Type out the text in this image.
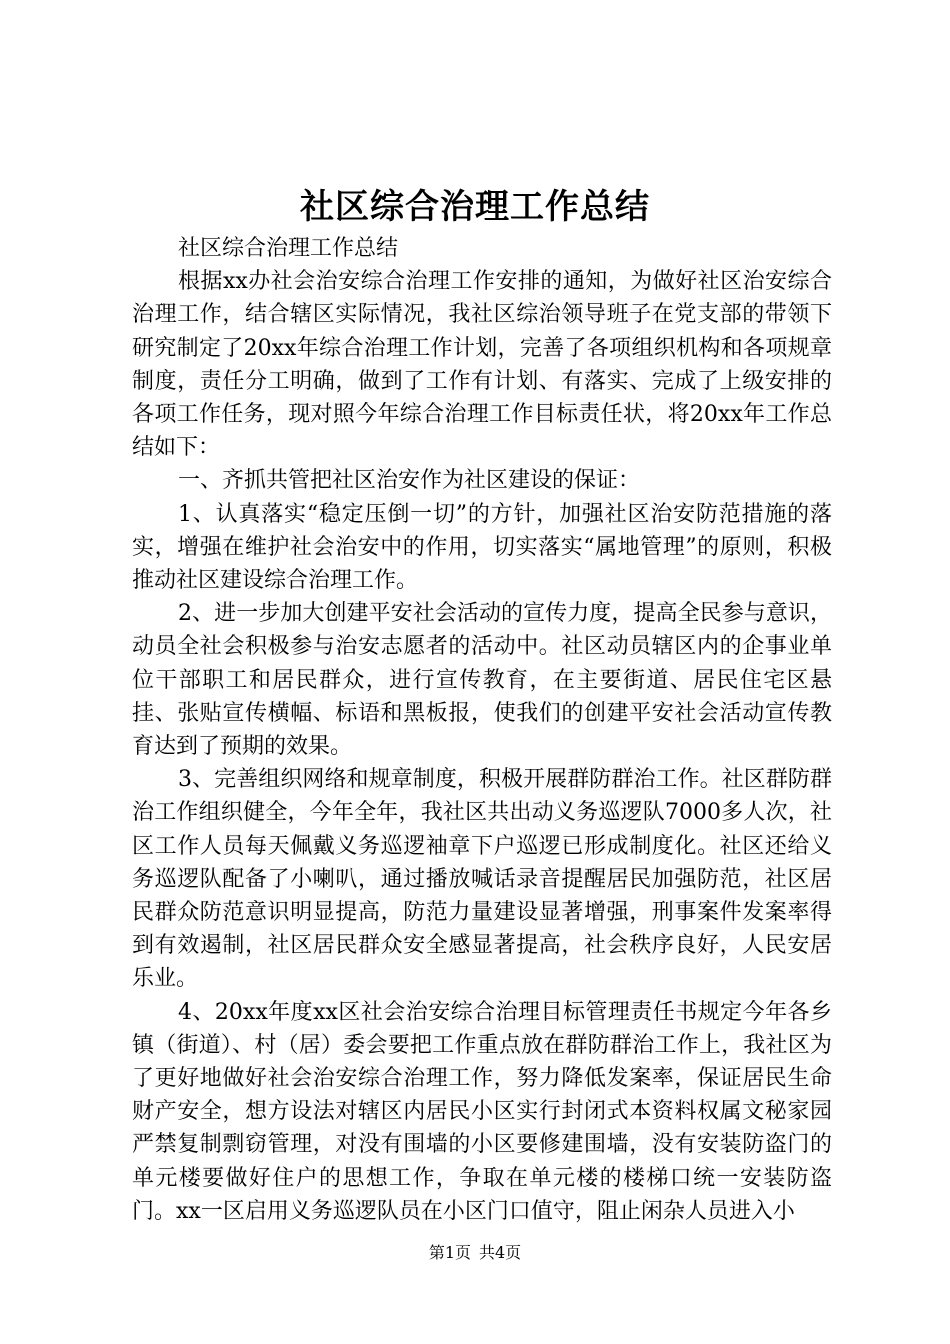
社区综合治理工作总结

社区综合治理工作总结

根据xx办社会治安综合治理工作安排的通知，为做好社区治安综合治理工作，结合辖区实际情况，我社区综治领导班子在党支部的带领下研究制定了20xx年综合治理工作计划，完善了各项组织机构和各项规章制度，责任分工明确，做到了工作有计划、有落实、完成了上级安排的各项工作任务，现对照今年综合治理工作目标责任状，将20xx年工作总结如下：

一、齐抓共管把社区治安作为社区建设的保证：

1、认真落实“稳定压倒一切”的方针，加强社区治安防范措施的落实，增强在维护社会治安中的作用，切实落实“属地管理”的原则，积极推动社区建设综合治理工作。

2、进一步加大创建平安社会活动的宣传力度，提高全民参与意识，动员全社会积极参与治安志愿者的活动中。社区动员辖区内的企事业单位干部职工和居民群众，进行宣传教育，在主要街道、居民住宅区悬挂、张贴宣传横幅、标语和黑板报，使我们的创建平安社会活动宣传教育达到了预期的效果。

3、完善组织网络和规章制度，积极开展群防群治工作。社区群防群治工作组织健全，今年全年，我社区共出动义务巡逻队7000多人次，社区工作人员每天佩戴义务巡逻袖章下户巡逻已形成制度化。社区还给义务巡逻队配备了小喇叭，通过播放喊话录音提醒居民加强防范，社区居民群众防范意识明显提高，防范力量建设显著增强，刑事案件发案率得到有效遏制，社区居民群众安全感显著提高，社会秩序良好，人民安居乐业。

4、20xx年度xx区社会治安综合治理目标管理责任书规定今年各乡镇（街道）、村（居）委会要把工作重点放在群防群治工作上，我社区为了更好地做好社会治安综合治理工作，努力降低发案率，保证居民生命财产安全，想方设法对辖区内居民小区实行封闭式本资料权属文秘家园严禁复制剽窃管理，对没有围墙的小区要修建围墙，没有安装防盗门的单元楼要做好住户的思想工作，争取在单元楼的楼梯口统一安装防盗门。xx一区启用义务巡逻队员在小区门口值守，阻止闲杂人员进入小

第1页 共4页
